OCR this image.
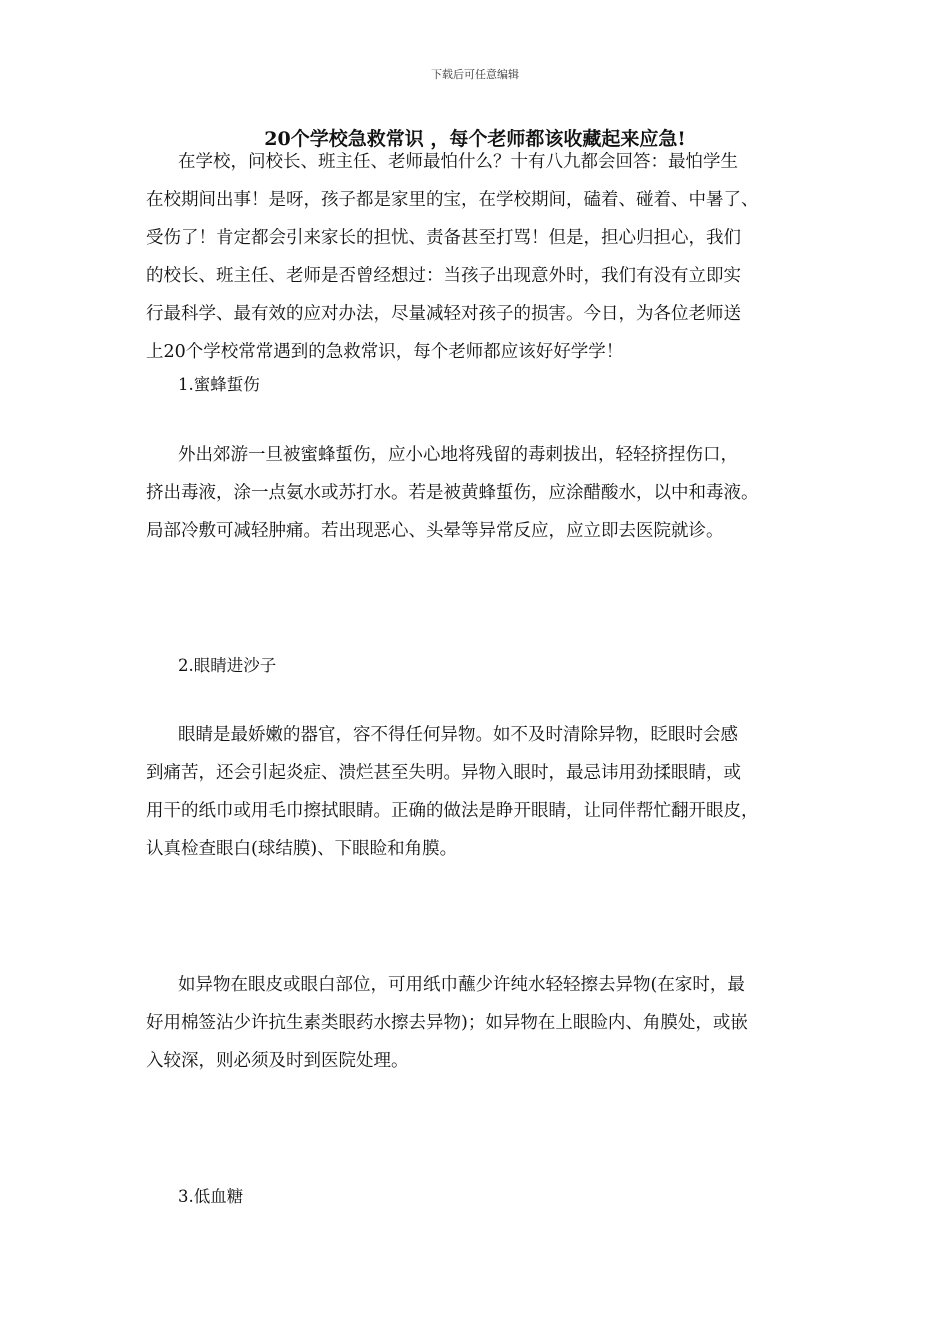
下载后可任意编辑
20个学校急救常识 ，每个老师都该收藏起来应急!

在学校，问校长、班主任、老师最怕什么？十有八九都会回答：最怕学生

在校期间出事！是呀，孩子都是家里的宝，在学校期间，磕着、碰着、中暑了、

受伤了！肯定都会引来家长的担忧、责备甚至打骂！但是，担心归担心，我们

的校长、班主任、老师是否曾经想过：当孩子出现意外时，我们有没有立即实

行最科学、最有效的应对办法，尽量减轻对孩子的损害。今日，为各位老师送

上20个学校常常遇到的急救常识，每个老师都应该好好学学！

1.蜜蜂蜇伤

外出郊游一旦被蜜蜂蜇伤，应小心地将残留的毒刺拔出，轻轻挤捏伤口，

挤出毒液，涂一点氨水或苏打水。若是被黄蜂蜇伤，应涂醋酸水，以中和毒液。

局部冷敷可减轻肿痛。若出现恶心、头晕等异常反应，应立即去医院就诊。

2.眼睛进沙子

眼睛是最娇嫩的器官，容不得任何异物。如不及时清除异物，眨眼时会感

到痛苦，还会引起炎症、溃烂甚至失明。异物入眼时，最忌讳用劲揉眼睛，或

用干的纸巾或用毛巾擦拭眼睛。正确的做法是睁开眼睛，让同伴帮忙翻开眼皮，

认真检查眼白(球结膜)、下眼睑和角膜。

如异物在眼皮或眼白部位，可用纸巾蘸少许纯水轻轻擦去异物(在家时，最

好用棉签沾少许抗生素类眼药水擦去异物)；如异物在上眼睑内、角膜处，或嵌

入较深，则必须及时到医院处理。

3.低血糖
